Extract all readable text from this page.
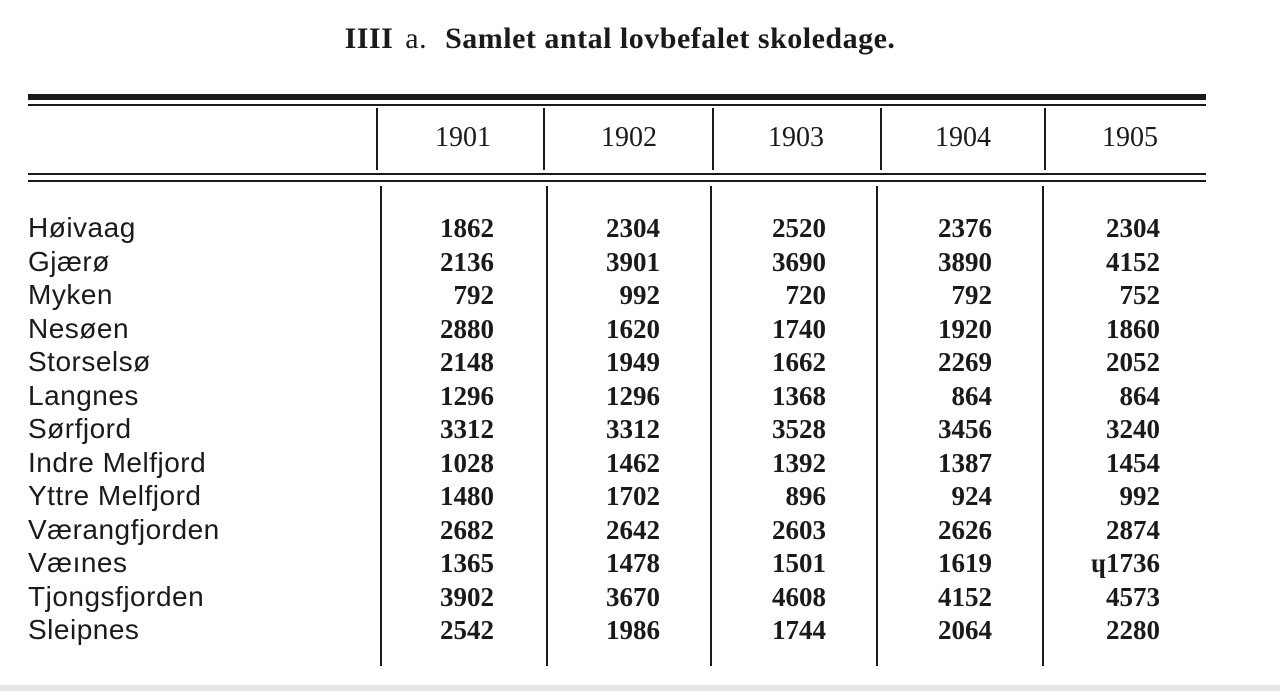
IIII a. Samlet antal lovbefalet skoledage.
1901	1902	1903	1904	1905
Høivaag	1862	2304	2520	2376	2304
Gjærø	2136	3901	3690	3890	4152
Myken	792	992	720	792	752
Nesøen	2880	1620	1740	1920	1860
Storselsø	2148	1949	1662	2269	2052
Langnes	1296	1296	1368	864	864
Sørfjord	3312	3312	3528	3456	3240
Indre Melfjord	1028	1462	1392	1387	1454
Yttre Melfjord	1480	1702	896	924	992
Værangfjorden	2682	2642	2603	2626	2874
Væınes	1365	1478	1501	1619	ɥ1736
Tjongsfjorden	3902	3670	4608	4152	4573
Sleipnes	2542	1986	1744	2064	2280
